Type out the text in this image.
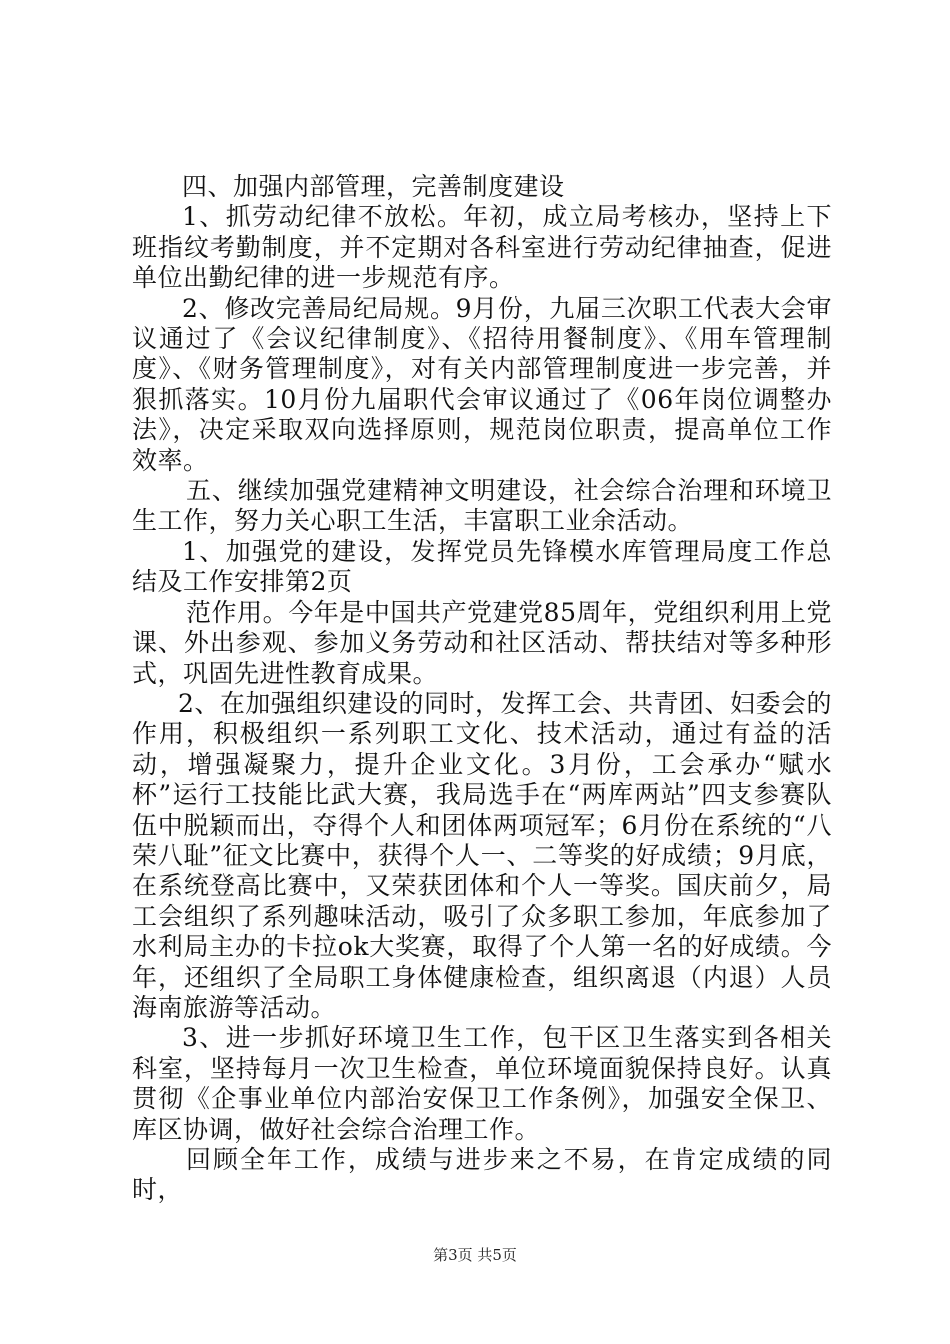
四、加强内部管理，完善制度建设

1、抓劳动纪律不放松。年初，成立局考核办，坚持上下班指纹考勤制度，并不定期对各科室进行劳动纪律抽查，促进单位出勤纪律的进一步规范有序。

2、修改完善局纪局规。9月份，九届三次职工代表大会审议通过了《会议纪律制度》、《招待用餐制度》、《用车管理制度》、《财务管理制度》，对有关内部管理制度进一步完善，并狠抓落实。10月份九届职代会审议通过了《06年岗位调整办法》，决定采取双向选择原则，规范岗位职责，提高单位工作效率。

五、继续加强党建精神文明建设，社会综合治理和环境卫生工作，努力关心职工生活，丰富职工业余活动。

1、加强党的建设，发挥党员先锋模水库管理局度工作总结及工作安排第2页

范作用。今年是中国共产党建党85周年，党组织利用上党课、外出参观、参加义务劳动和社区活动、帮扶结对等多种形式，巩固先进性教育成果。

2、在加强组织建设的同时，发挥工会、共青团、妇委会的作用，积极组织一系列职工文化、技术活动，通过有益的活动，增强凝聚力，提升企业文化。3月份，工会承办“赋水杯”运行工技能比武大赛，我局选手在“两库两站”四支参赛队伍中脱颖而出，夺得个人和团体两项冠军；6月份在系统的“八荣八耻”征文比赛中，获得个人一、二等奖的好成绩；9月底，在系统登高比赛中，又荣获团体和个人一等奖。国庆前夕，局工会组织了系列趣味活动，吸引了众多职工参加，年底参加了水利局主办的卡拉ok大奖赛，取得了个人第一名的好成绩。今年，还组织了全局职工身体健康检查，组织离退（内退）人员海南旅游等活动。

3、进一步抓好环境卫生工作，包干区卫生落实到各相关科室，坚持每月一次卫生检查，单位环境面貌保持良好。认真贯彻《企事业单位内部治安保卫工作条例》，加强安全保卫、库区协调，做好社会综合治理工作。

回顾全年工作，成绩与进步来之不易，在肯定成绩的同时，

第3页 共5页
